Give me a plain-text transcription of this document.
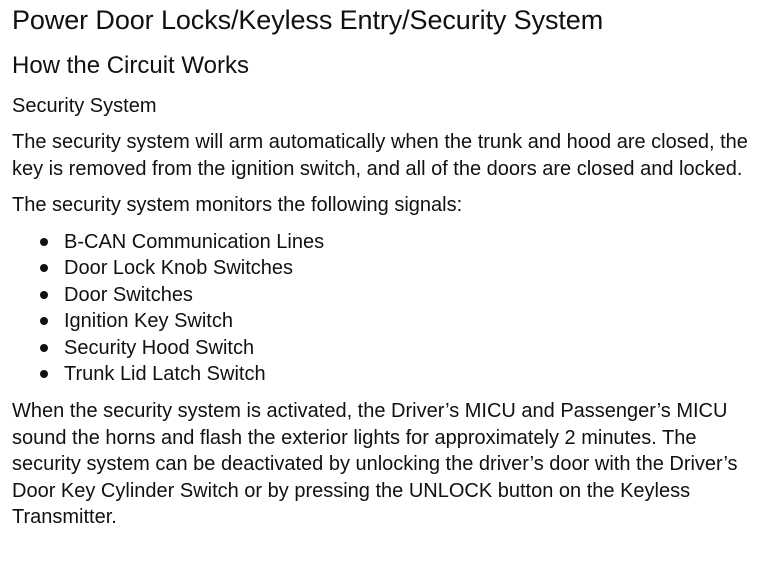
Power Door Locks/Keyless Entry/Security System
How the Circuit Works
Security System

The security system will arm automatically when the trunk and hood are closed, the key is removed from the ignition switch, and all of the doors are closed and locked.

The security system monitors the following signals:

B-CAN Communication Lines
Door Lock Knob Switches
Door Switches
Ignition Key Switch
Security Hood Switch
Trunk Lid Latch Switch

When the security system is activated, the Driver’s MICU and Passenger’s MICU sound the horns and flash the exterior lights for approximately 2 minutes. The security system can be deactivated by unlocking the driver’s door with the Driver’s Door Key Cylinder Switch or by pressing the UNLOCK button on the Keyless Transmitter.
